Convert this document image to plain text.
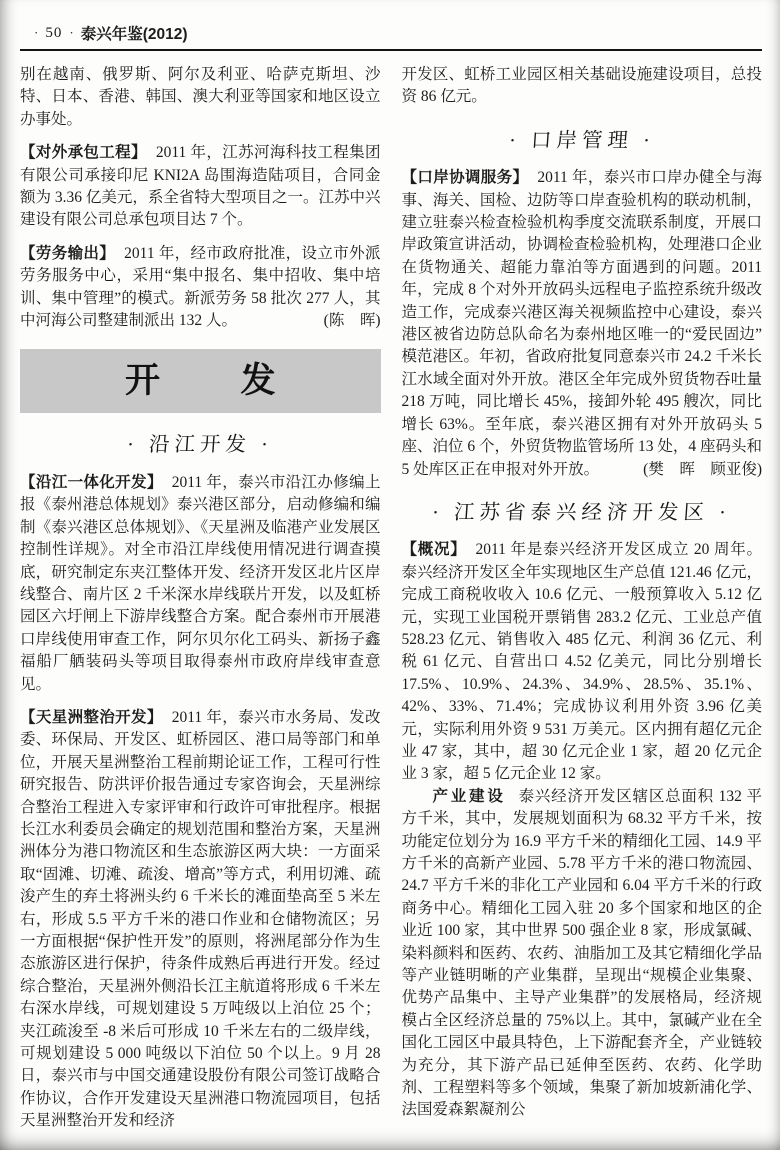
· 50 · 泰兴年鉴(2012)

别在越南、俄罗斯、阿尔及利亚、哈萨克斯坦、沙特、日本、香港、韩国、澳大利亚等国家和地区设立办事处。

【对外承包工程】 2011 年，江苏河海科技工程集团有限公司承接印尼 KNI2A 岛围海造陆项目，合同金额为 3.36 亿美元，系全省特大型项目之一。江苏中兴建设有限公司总承包项目达 7 个。

【劳务输出】 2011 年，经市政府批准，设立市外派劳务服务中心，采用“集中报名、集中招收、集中培训、集中管理”的模式。新派劳务 58 批次 277 人，其中河海公司整建制派出 132 人。	(陈　晖)

开发

· 沿江开发 ·

【沿江一体化开发】 2011 年，泰兴市沿江办修编上报《泰州港总体规划》泰兴港区部分，启动修编和编制《泰兴港区总体规划》、《天星洲及临港产业发展区控制性详规》。对全市沿江岸线使用情况进行调查摸底，研究制定东夹江整体开发、经济开发区北片区岸线整合、南片区 2 千米深水岸线联片开发，以及虹桥园区六圩闸上下游岸线整合方案。配合泰州市开展港口岸线使用审查工作，阿尔贝尔化工码头、新扬子鑫福船厂舾装码头等项目取得泰州市政府岸线审查意见。

【天星洲整治开发】 2011 年，泰兴市水务局、发改委、环保局、开发区、虹桥园区、港口局等部门和单位，开展天星洲整治工程前期论证工作，工程可行性研究报告、防洪评价报告通过专家咨询会，天星洲综合整治工程进入专家评审和行政许可审批程序。根据长江水利委员会确定的规划范围和整治方案，天星洲洲体分为港口物流区和生态旅游区两大块：一方面采取“固滩、切滩、疏浚、增高”等方式，利用切滩、疏浚产生的弃土将洲头约 6 千米长的滩面垫高至 5 米左右，形成 5.5 平方千米的港口作业和仓储物流区；另一方面根据“保护性开发”的原则，将洲尾部分作为生态旅游区进行保护，待条件成熟后再进行开发。经过综合整治，天星洲外侧沿长江主航道将形成 6 千米左右深水岸线，可规划建设 5 万吨级以上泊位 25 个；夹江疏浚至 -8 米后可形成 10 千米左右的二级岸线，可规划建设 5 000 吨级以下泊位 50 个以上。9 月 28 日，泰兴市与中国交通建设股份有限公司签订战略合作协议，合作开发建设天星洲港口物流园项目，包括天星洲整治开发和经济

开发区、虹桥工业园区相关基础设施建设项目，总投资 86 亿元。

· 口岸管理 ·

【口岸协调服务】 2011 年，泰兴市口岸办健全与海事、海关、国检、边防等口岸查验机构的联动机制，建立驻泰兴检查检验机构季度交流联系制度，开展口岸政策宣讲活动，协调检查检验机构，处理港口企业在货物通关、超能力靠泊等方面遇到的问题。2011 年，完成 8 个对外开放码头远程电子监控系统升级改造工作，完成泰兴港区海关视频监控中心建设，泰兴港区被省边防总队命名为泰州地区唯一的“爱民固边”模范港区。年初，省政府批复同意泰兴市 24.2 千米长江水域全面对外开放。港区全年完成外贸货物吞吐量 218 万吨，同比增长 45%，接卸外轮 495 艘次，同比增长 63%。至年底，泰兴港区拥有对外开放码头 5 座、泊位 6 个，外贸货物监管场所 13 处，4 座码头和 5 处库区正在申报对外开放。	(樊　晖　顾亚俊)

· 江苏省泰兴经济开发区 ·

【概况】 2011 年是泰兴经济开发区成立 20 周年。泰兴经济开发区全年实现地区生产总值 121.46 亿元，完成工商税收收入 10.6 亿元、一般预算收入 5.12 亿元，实现工业国税开票销售 283.2 亿元、工业总产值 528.23 亿元、销售收入 485 亿元、利润 36 亿元、利税 61 亿元、自营出口 4.52 亿美元，同比分别增长 17.5%、10.9%、24.3%、34.9%、28.5%、35.1%、42%、33%、71.4%；完成协议利用外资 3.96 亿美元，实际利用外资 9 531 万美元。区内拥有超亿元企业 47 家，其中，超 30 亿元企业 1 家，超 20 亿元企业 3 家，超 5 亿元企业 12 家。

产业建设 泰兴经济开发区辖区总面积 132 平方千米，其中，发展规划面积为 68.32 平方千米，按功能定位划分为 16.9 平方千米的精细化工园、14.9 平方千米的高新产业园、5.78 平方千米的港口物流园、24.7 平方千米的非化工产业园和 6.04 平方千米的行政商务中心。精细化工园入驻 20 多个国家和地区的企业近 100 家，其中世界 500 强企业 8 家，形成氯碱、染料颜料和医药、农药、油脂加工及其它精细化学品等产业链明晰的产业集群，呈现出“规模企业集聚、优势产品集中、主导产业集群”的发展格局，经济规模占全区经济总量的 75%以上。其中，氯碱产业在全国化工园区中最具特色，上下游配套齐全，产业链较为充分，其下游产品已延伸至医药、农药、化学助剂、工程塑料等多个领域，集聚了新加坡新浦化学、法国爱森絮凝剂公
